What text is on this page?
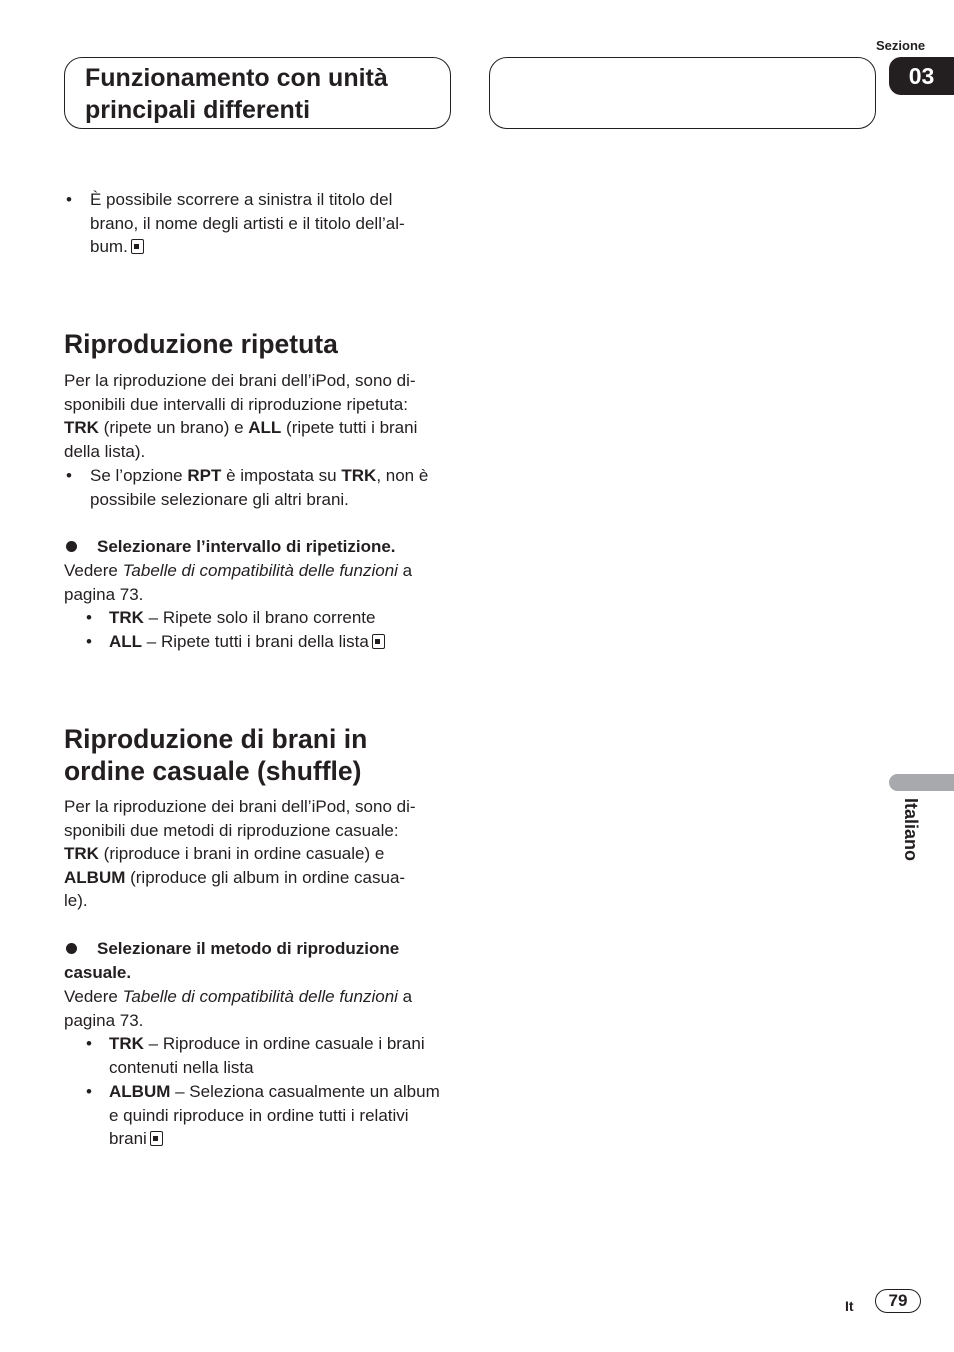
Funzionamento con unità
principali differenti
Sezione
03
• È possibile scorrere a sinistra il titolo del
brano, il nome degli artisti e il titolo dell’al-
bum.
Riproduzione ripetuta
Per la riproduzione dei brani dell’iPod, sono di-
sponibili due intervalli di riproduzione ripetuta:
TRK (ripete un brano) e ALL (ripete tutti i brani
della lista).
• Se l’opzione RPT è impostata su TRK, non è
possibile selezionare gli altri brani.
Selezionare l’intervallo di ripetizione.
Vedere Tabelle di compatibilità delle funzioni a
pagina 73.
• TRK – Ripete solo il brano corrente
• ALL – Ripete tutti i brani della lista
Riproduzione di brani in
ordine casuale (shuffle)
Per la riproduzione dei brani dell’iPod, sono di-
sponibili due metodi di riproduzione casuale:
TRK (riproduce i brani in ordine casuale) e
ALBUM (riproduce gli album in ordine casua-
le).
Selezionare il metodo di riproduzione
casuale.
Vedere Tabelle di compatibilità delle funzioni a
pagina 73.
• TRK – Riproduce in ordine casuale i brani
contenuti nella lista
• ALBUM – Seleziona casualmente un album
e quindi riproduce in ordine tutti i relativi
brani
Italiano
It	79
